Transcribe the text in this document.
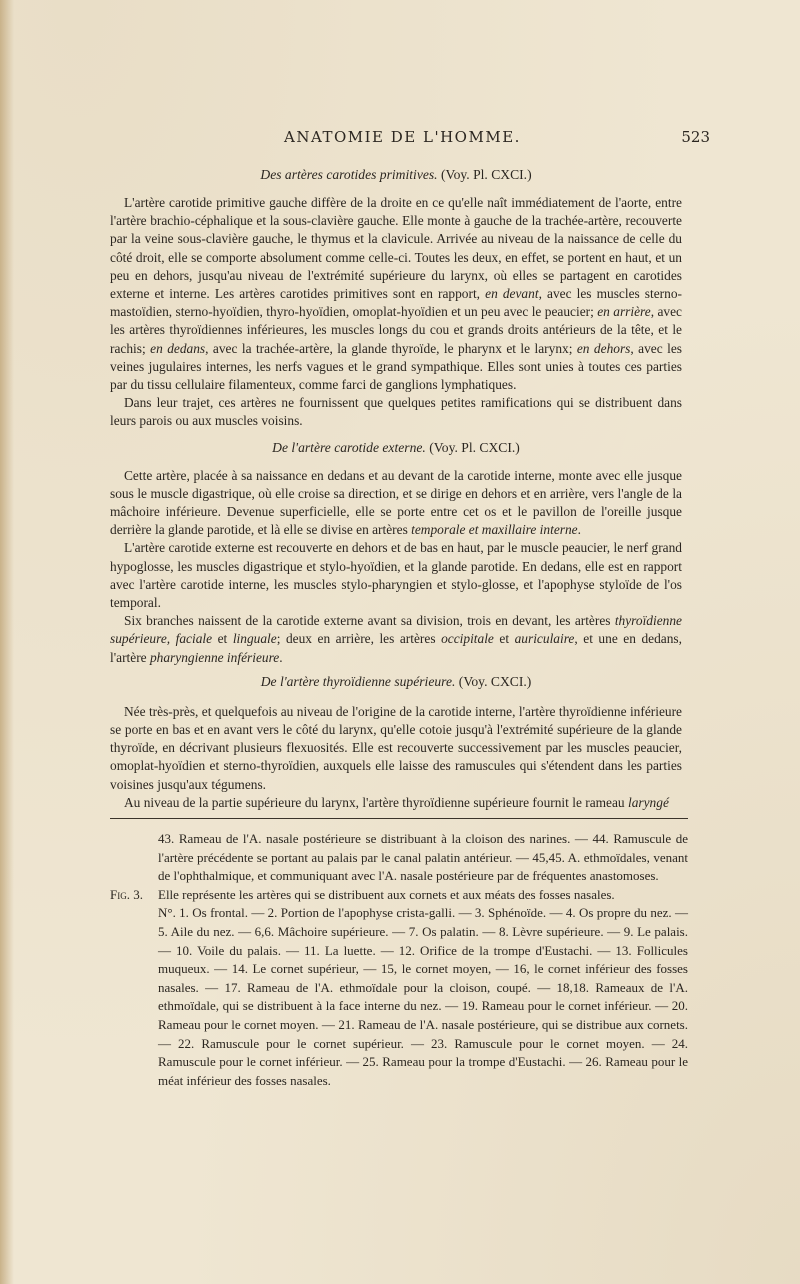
ANATOMIE DE L'HOMME.	523
Des artères carotides primitives. (Voy. Pl. CXCI.)

L'artère carotide primitive gauche diffère de la droite en ce qu'elle naît immédiatement de l'aorte, entre l'artère brachio-céphalique et la sous-clavière gauche. Elle monte à gauche de la trachée-artère, recouverte par la veine sous-clavière gauche, le thymus et la clavicule. Arrivée au niveau de la naissance de celle du côté droit, elle se comporte absolument comme celle-ci. Toutes les deux, en effet, se portent en haut, et un peu en dehors, jusqu'au niveau de l'extrémité supérieure du larynx, où elles se partagent en carotides externe et interne. Les artères carotides primitives sont en rapport, en devant, avec les muscles sterno-mastoïdien, sterno-hyoïdien, thyro-hyoïdien, omoplat-hyoïdien et un peu avec le peaucier; en arrière, avec les artères thyroïdiennes inférieures, les muscles longs du cou et grands droits antérieurs de la tête, et le rachis; en dedans, avec la trachée-artère, la glande thyroïde, le pharynx et le larynx; en dehors, avec les veines jugulaires internes, les nerfs vagues et le grand sympathique. Elles sont unies à toutes ces parties par du tissu cellulaire filamenteux, comme farci de ganglions lymphatiques.

Dans leur trajet, ces artères ne fournissent que quelques petites ramifications qui se distribuent dans leurs parois ou aux muscles voisins.

De l'artère carotide externe. (Voy. Pl. CXCI.)

Cette artère, placée à sa naissance en dedans et au devant de la carotide interne, monte avec elle jusque sous le muscle digastrique, où elle croise sa direction, et se dirige en dehors et en arrière, vers l'angle de la mâchoire inférieure. Devenue superficielle, elle se porte entre cet os et le pavillon de l'oreille jusque derrière la glande parotide, et là elle se divise en artères temporale et maxillaire interne.

L'artère carotide externe est recouverte en dehors et de bas en haut, par le muscle peaucier, le nerf grand hypoglosse, les muscles digastrique et stylo-hyoïdien, et la glande parotide. En dedans, elle est en rapport avec l'artère carotide interne, les muscles stylo-pharyngien et stylo-glosse, et l'apophyse styloïde de l'os temporal.

Six branches naissent de la carotide externe avant sa division, trois en devant, les artères thyroïdienne supérieure, faciale et linguale; deux en arrière, les artères occipitale et auriculaire, et une en dedans, l'artère pharyngienne inférieure.

De l'artère thyroïdienne supérieure. (Voy. CXCI.)

Née très-près, et quelquefois au niveau de l'origine de la carotide interne, l'artère thyroïdienne inférieure se porte en bas et en avant vers le côté du larynx, qu'elle cotoie jusqu'à l'extrémité supérieure de la glande thyroïde, en décrivant plusieurs flexuosités. Elle est recouverte successivement par les muscles peaucier, omoplat-hyoïdien et sterno-thyroïdien, auxquels elle laisse des ramuscules qui s'étendent dans les parties voisines jusqu'aux tégumens.

Au niveau de la partie supérieure du larynx, l'artère thyroïdienne supérieure fournit le rameau laryngé

43. Rameau de l'A. nasale postérieure se distribuant à la cloison des narines. — 44. Ramuscule de l'artère précédente se portant au palais par le canal palatin antérieur. — 45,45. A. ethmoïdales, venant de l'ophthalmique, et communiquant avec l'A. nasale postérieure par de fréquentes anastomoses.

Fig. 3.	Elle représente les artères qui se distribuent aux cornets et aux méats des fosses nasales.

N°. 1. Os frontal. — 2. Portion de l'apophyse crista-galli. — 3. Sphénoïde. — 4. Os propre du nez. — 5. Aile du nez. — 6,6. Mâchoire supérieure. — 7. Os palatin. — 8. Lèvre supérieure. — 9. Le palais. — 10. Voile du palais. — 11. La luette. — 12. Orifice de la trompe d'Eustachi. — 13. Follicules muqueux. — 14. Le cornet supérieur, — 15, le cornet moyen, — 16, le cornet inférieur des fosses nasales. — 17. Rameau de l'A. ethmoïdale pour la cloison, coupé. — 18,18. Rameaux de l'A. ethmoïdale, qui se distribuent à la face interne du nez. — 19. Rameau pour le cornet inférieur. — 20. Rameau pour le cornet moyen. — 21. Rameau de l'A. nasale postérieure, qui se distribue aux cornets. — 22. Ramuscule pour le cornet supérieur. — 23. Ramuscule pour le cornet moyen. — 24. Ramuscule pour le cornet inférieur. — 25. Rameau pour la trompe d'Eustachi. — 26. Rameau pour le méat inférieur des fosses nasales.
